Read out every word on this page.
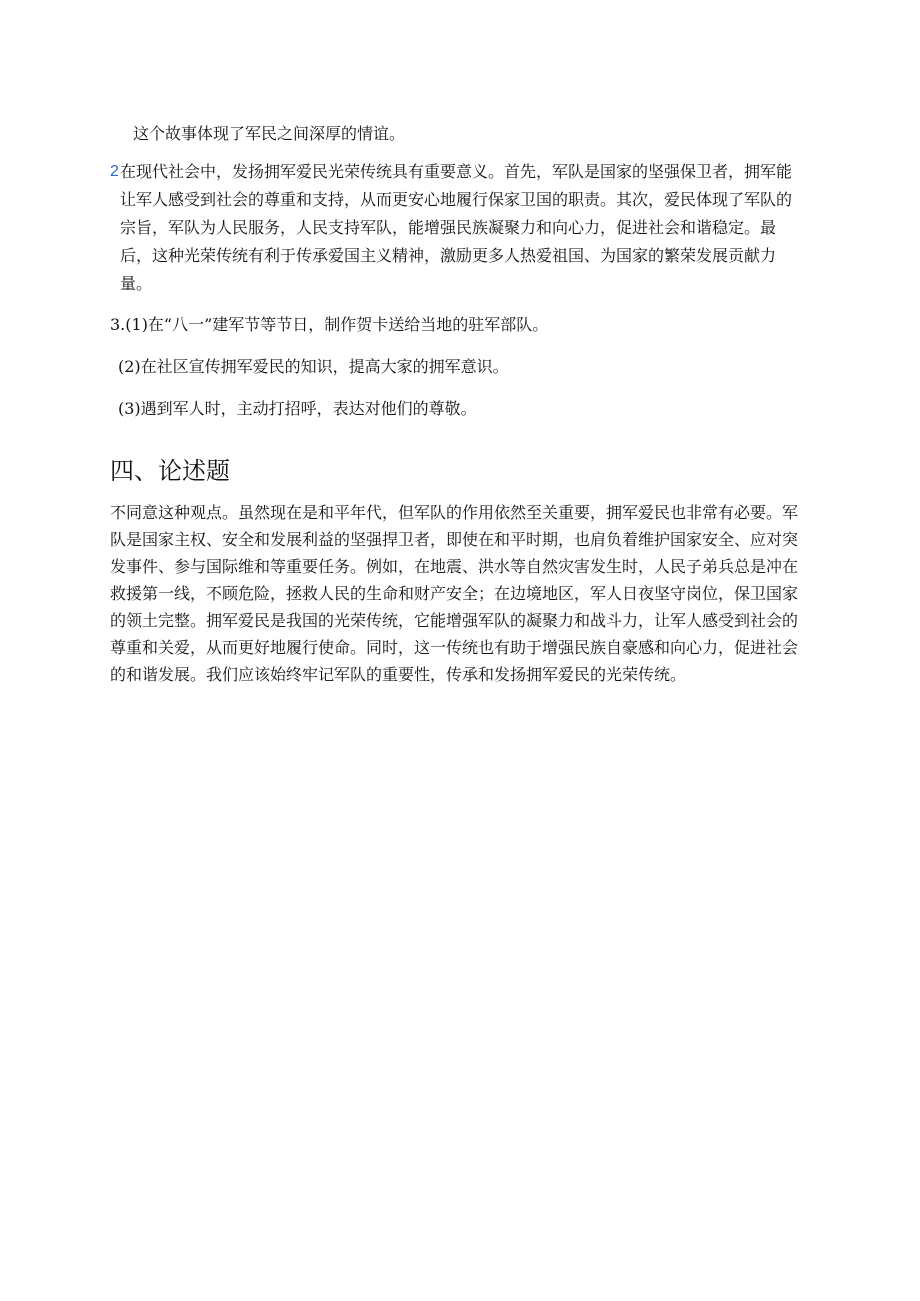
这个故事体现了军民之间深厚的情谊。
2 在现代社会中，发扬拥军爱民光荣传统具有重要意义。首先，军队是国家的坚强保卫者，拥军能让军人感受到社会的尊重和支持，从而更安心地履行保家卫国的职责。其次，爱民体现了军队的宗旨，军队为人民服务，人民支持军队，能增强民族凝聚力和向心力，促进社会和谐稳定。最后，这种光荣传统有利于传承爱国主义精神，激励更多人热爱祖国、为国家的繁荣发展贡献力量。
3.(1)在“八一”建军节等节日，制作贺卡送给当地的驻军部队。
(2)在社区宣传拥军爱民的知识，提高大家的拥军意识。
(3)遇到军人时，主动打招呼，表达对他们的尊敬。
四、论述题
不同意这种观点。虽然现在是和平年代，但军队的作用依然至关重要，拥军爱民也非常有必要。军队是国家主权、安全和发展利益的坚强捍卫者，即使在和平时期，也肩负着维护国家安全、应对突发事件、参与国际维和等重要任务。例如，在地震、洪水等自然灾害发生时，人民子弟兵总是冲在救援第一线，不顾危险，拯救人民的生命和财产安全；在边境地区，军人日夜坚守岗位，保卫国家的领土完整。拥军爱民是我国的光荣传统，它能增强军队的凝聚力和战斗力，让军人感受到社会的尊重和关爱，从而更好地履行使命。同时，这一传统也有助于增强民族自豪感和向心力，促进社会的和谐发展。我们应该始终牢记军队的重要性，传承和发扬拥军爱民的光荣传统。
